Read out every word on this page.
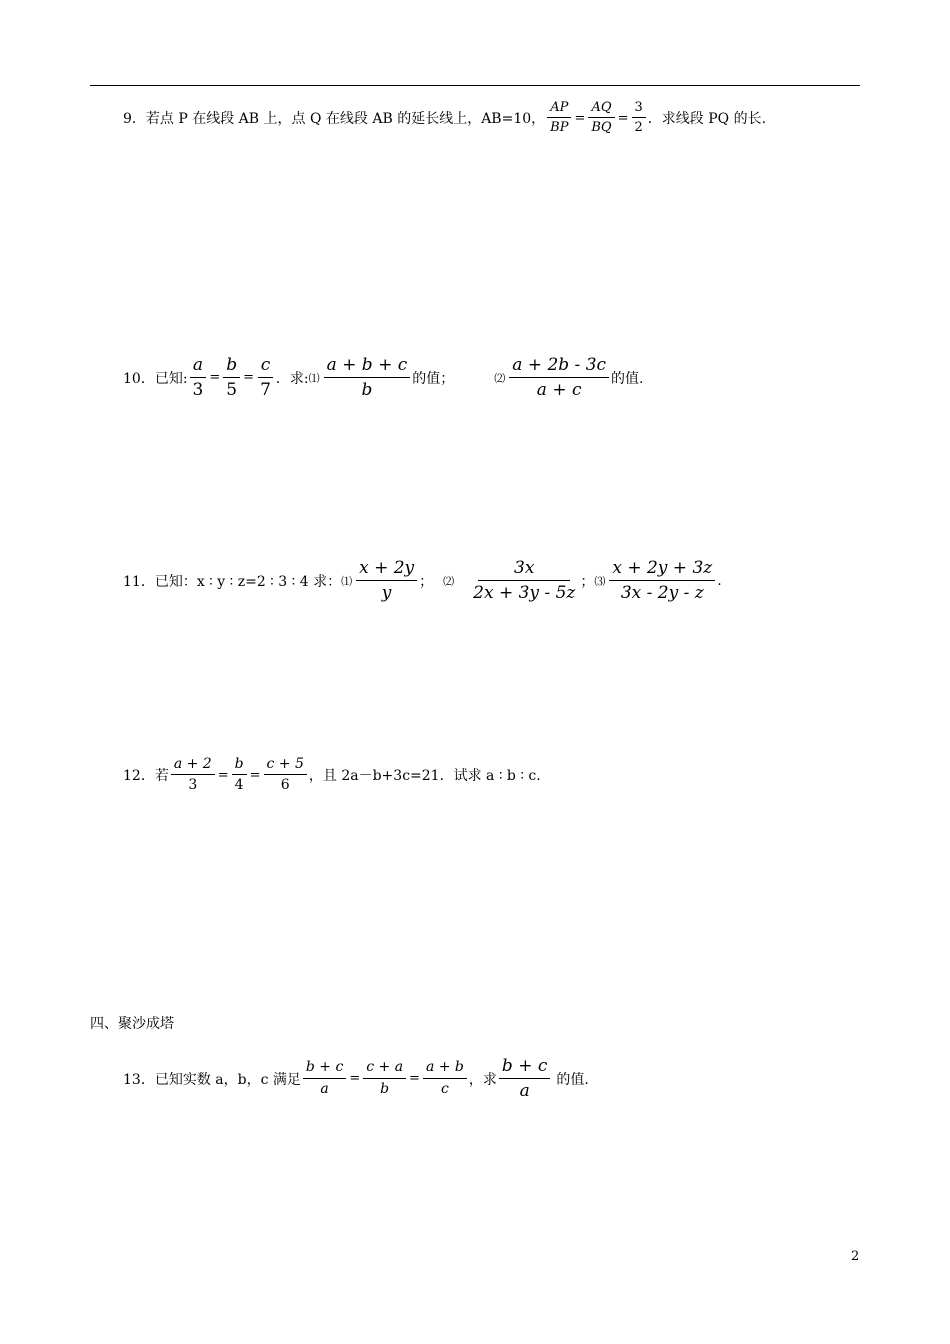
9．若点 P 在线段 AB 上，点 Q 在线段 AB 的延长线上，AB=10， $\frac{AP}{BP} = \frac{AQ}{BQ} = \frac{3}{2}$ ．求线段 PQ 的长.
10．已知: $\frac{a}{3} = \frac{b}{5} = \frac{c}{7}$ ．求: ⑴ $\frac{a + b + c}{b}$ 的值；	⑵ $\frac{a + 2b - 3c}{a + c}$ 的值.
11．已知：x ∶ y ∶ z=2 ∶ 3 ∶ 4 求： ⑴ $\frac{x + 2y}{y}$ ； ⑵ $\frac{3x}{2x + 3y - 5z}$ ； ⑶ $\frac{x + 2y + 3z}{3x - 2y - z}$ .
12．若 $\frac{a + 2}{3} = \frac{b}{4} = \frac{c + 5}{6}$ ，且 2a－b+3c=21．试求 a ∶ b ∶ c.
四、聚沙成塔
13．已知实数 a，b，c 满足 $\frac{b + c}{a} = \frac{c + a}{b} = \frac{a + b}{c}$ ，求 $\frac{b + c}{a}$ 的值.
2
